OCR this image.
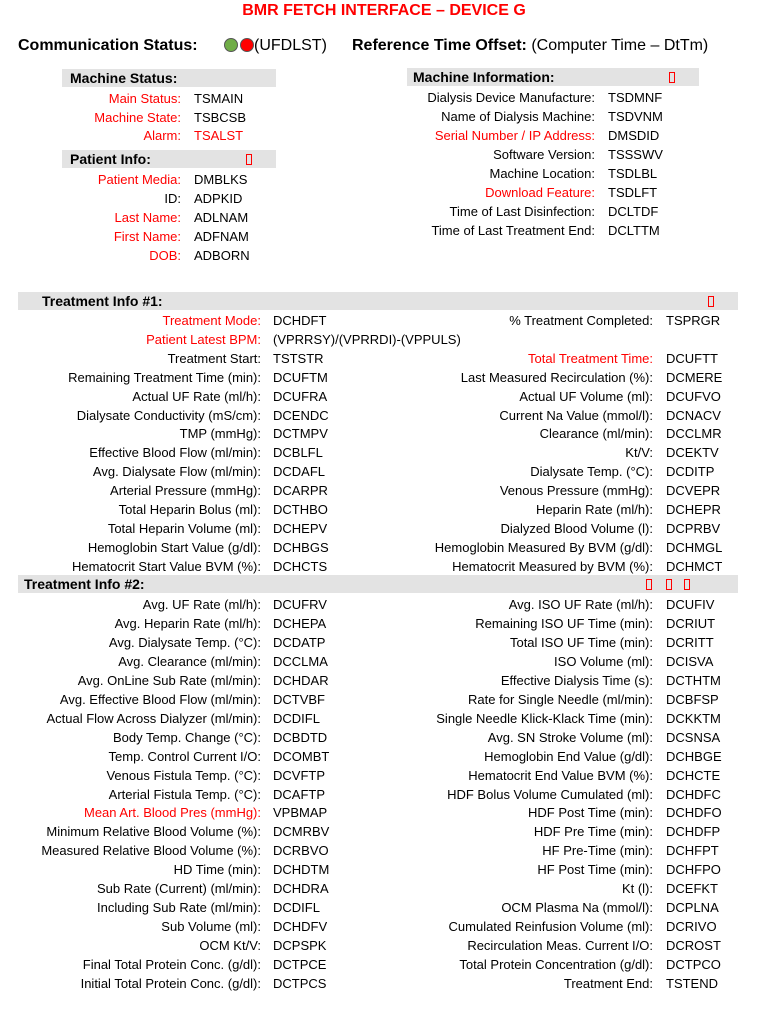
BMR FETCH INTERFACE – DEVICE G
Communication Status:	(UFDLST) Reference Time Offset: (Computer Time – DtTm)
Machine Status:
Main Status: TSMAIN
Machine State: TSBCSB
Alarm: TSALST
Patient Info:
Patient Media: DMBLKS
ID: ADPKID
Last Name: ADLNAM
First Name: ADFNAM
DOB: ADBORN
Machine Information:
Dialysis Device Manufacture: TSDMNF
Name of Dialysis Machine: TSDVNM
Serial Number / IP Address: DMSDID
Software Version: TSSSWV
Machine Location: TSDLBL
Download Feature: TSDLFT
Time of Last Disinfection: DCLTDF
Time of Last Treatment End: DCLTTM
Treatment Info #1:
Treatment Mode: DCHDFT
Patient Latest BPM: (VPRRSY)/(VPRRDI)-(VPPULS)
Treatment Start: TSTSTR
Remaining Treatment Time (min): DCUFTM
Actual UF Rate (ml/h): DCUFRA
Dialysate Conductivity (mS/cm): DCENDC
TMP (mmHg): DCTMPV
Effective Blood Flow (ml/min): DCBLFL
Avg. Dialysate Flow (ml/min): DCDAFL
Arterial Pressure (mmHg): DCARPR
Total Heparin Bolus (ml): DCTHBO
Total Heparin Volume (ml): DCHEPV
Hemoglobin Start Value (g/dl): DCHBGS
Hematocrit Start Value BVM (%): DCHCTS
% Treatment Completed: TSPRGR
Total Treatment Time: DCUFTT
Last Measured Recirculation (%): DCMERE
Actual UF Volume (ml): DCUFVO
Current Na Value (mmol/l): DCNACV
Clearance (ml/min): DCCLMR
Kt/V: DCEKTV
Dialysate Temp. (°C): DCDITP
Venous Pressure (mmHg): DCVEPR
Heparin Rate (ml/h): DCHEPR
Dialyzed Blood Volume (l): DCPRBV
Hemoglobin Measured By BVM (g/dl): DCHMGL
Hematocrit Measured by BVM (%): DCHMCT
Treatment Info #2:
Avg. UF Rate (ml/h): DCUFRV
Avg. Heparin Rate (ml/h): DCHEPA
Avg. Dialysate Temp. (°C): DCDATP
Avg. Clearance (ml/min): DCCLMA
Avg. OnLine Sub Rate (ml/min): DCHDAR
Avg. Effective Blood Flow (ml/min): DCTVBF
Actual Flow Across Dialyzer (ml/min): DCDIFL
Body Temp. Change (°C): DCBDTD
Temp. Control Current I/O: DCOMBT
Venous Fistula Temp. (°C): DCVFTP
Arterial Fistula Temp. (°C): DCAFTP
Mean Art. Blood Pres (mmHg): VPBMAP
Minimum Relative Blood Volume (%): DCMRBV
Measured Relative Blood Volume (%): DCRBVO
HD Time (min): DCHDTM
Sub Rate (Current) (ml/min): DCHDRA
Including Sub Rate (ml/min): DCDIFL
Sub Volume (ml): DCHDFV
OCM Kt/V: DCPSPK
Final Total Protein Conc. (g/dl): DCTPCE
Initial Total Protein Conc. (g/dl): DCTPCS
Avg. ISO UF Rate (ml/h): DCUFIV
Remaining ISO UF Time (min): DCRIUT
Total ISO UF Time (min): DCRITT
ISO Volume (ml): DCISVA
Effective Dialysis Time (s): DCTHTM
Rate for Single Needle (ml/min): DCBFSP
Single Needle Klick-Klack Time (min): DCKKTM
Avg. SN Stroke Volume (ml): DCSNSA
Hemoglobin End Value (g/dl): DCHBGE
Hematocrit End Value BVM (%): DCHCTE
HDF Bolus Volume Cumulated (ml): DCHDFC
HDF Post Time (min): DCHDFO
HDF Pre Time (min): DCHDFP
HF Pre-Time (min): DCHFPT
HF Post Time (min): DCHFPO
Kt (l): DCEFKT
OCM Plasma Na (mmol/l): DCPLNA
Cumulated Reinfusion Volume (ml): DCRIVO
Recirculation Meas. Current I/O: DCROST
Total Protein Concentration (g/dl): DCTPCO
Treatment End: TSTEND
